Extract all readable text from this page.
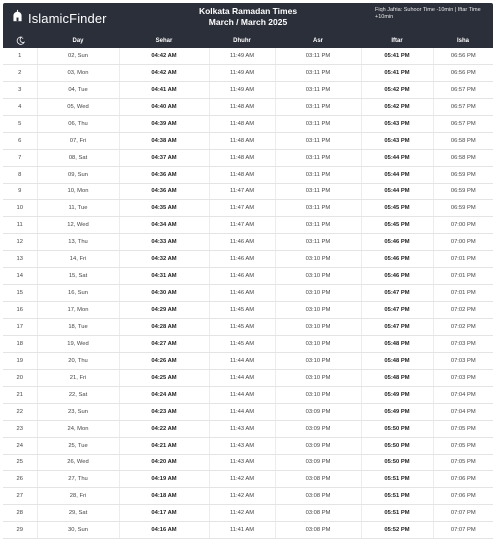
IslamicFinder	Kolkata Ramadan Times
March / March 2025
Fiqh Jafria: Suhoor Time -10min | Iftar Time +10min
Day	Sehar	Dhuhr	Asr	Iftar	Isha
1	02, Sun	04:42 AM	11:49 AM	03:11 PM	05:41 PM	06:56 PM
2	03, Mon	04:42 AM	11:49 AM	03:11 PM	05:41 PM	06:56 PM
3	04, Tue	04:41 AM	11:49 AM	03:11 PM	05:42 PM	06:57 PM
4	05, Wed	04:40 AM	11:48 AM	03:11 PM	05:42 PM	06:57 PM
5	06, Thu	04:39 AM	11:48 AM	03:11 PM	05:43 PM	06:57 PM
6	07, Fri	04:38 AM	11:48 AM	03:11 PM	05:43 PM	06:58 PM
7	08, Sat	04:37 AM	11:48 AM	03:11 PM	05:44 PM	06:58 PM
8	09, Sun	04:36 AM	11:48 AM	03:11 PM	05:44 PM	06:59 PM
9	10, Mon	04:36 AM	11:47 AM	03:11 PM	05:44 PM	06:59 PM
10	11, Tue	04:35 AM	11:47 AM	03:11 PM	05:45 PM	06:59 PM
11	12, Wed	04:34 AM	11:47 AM	03:11 PM	05:45 PM	07:00 PM
12	13, Thu	04:33 AM	11:46 AM	03:11 PM	05:46 PM	07:00 PM
13	14, Fri	04:32 AM	11:46 AM	03:10 PM	05:46 PM	07:01 PM
14	15, Sat	04:31 AM	11:46 AM	03:10 PM	05:46 PM	07:01 PM
15	16, Sun	04:30 AM	11:46 AM	03:10 PM	05:47 PM	07:01 PM
16	17, Mon	04:29 AM	11:45 AM	03:10 PM	05:47 PM	07:02 PM
17	18, Tue	04:28 AM	11:45 AM	03:10 PM	05:47 PM	07:02 PM
18	19, Wed	04:27 AM	11:45 AM	03:10 PM	05:48 PM	07:03 PM
19	20, Thu	04:26 AM	11:44 AM	03:10 PM	05:48 PM	07:03 PM
20	21, Fri	04:25 AM	11:44 AM	03:10 PM	05:48 PM	07:03 PM
21	22, Sat	04:24 AM	11:44 AM	03:10 PM	05:49 PM	07:04 PM
22	23, Sun	04:23 AM	11:44 AM	03:09 PM	05:49 PM	07:04 PM
23	24, Mon	04:22 AM	11:43 AM	03:09 PM	05:50 PM	07:05 PM
24	25, Tue	04:21 AM	11:43 AM	03:09 PM	05:50 PM	07:05 PM
25	26, Wed	04:20 AM	11:43 AM	03:09 PM	05:50 PM	07:05 PM
26	27, Thu	04:19 AM	11:42 AM	03:08 PM	05:51 PM	07:06 PM
27	28, Fri	04:18 AM	11:42 AM	03:08 PM	05:51 PM	07:06 PM
28	29, Sat	04:17 AM	11:42 AM	03:08 PM	05:51 PM	07:07 PM
29	30, Sun	04:16 AM	11:41 AM	03:08 PM	05:52 PM	07:07 PM
